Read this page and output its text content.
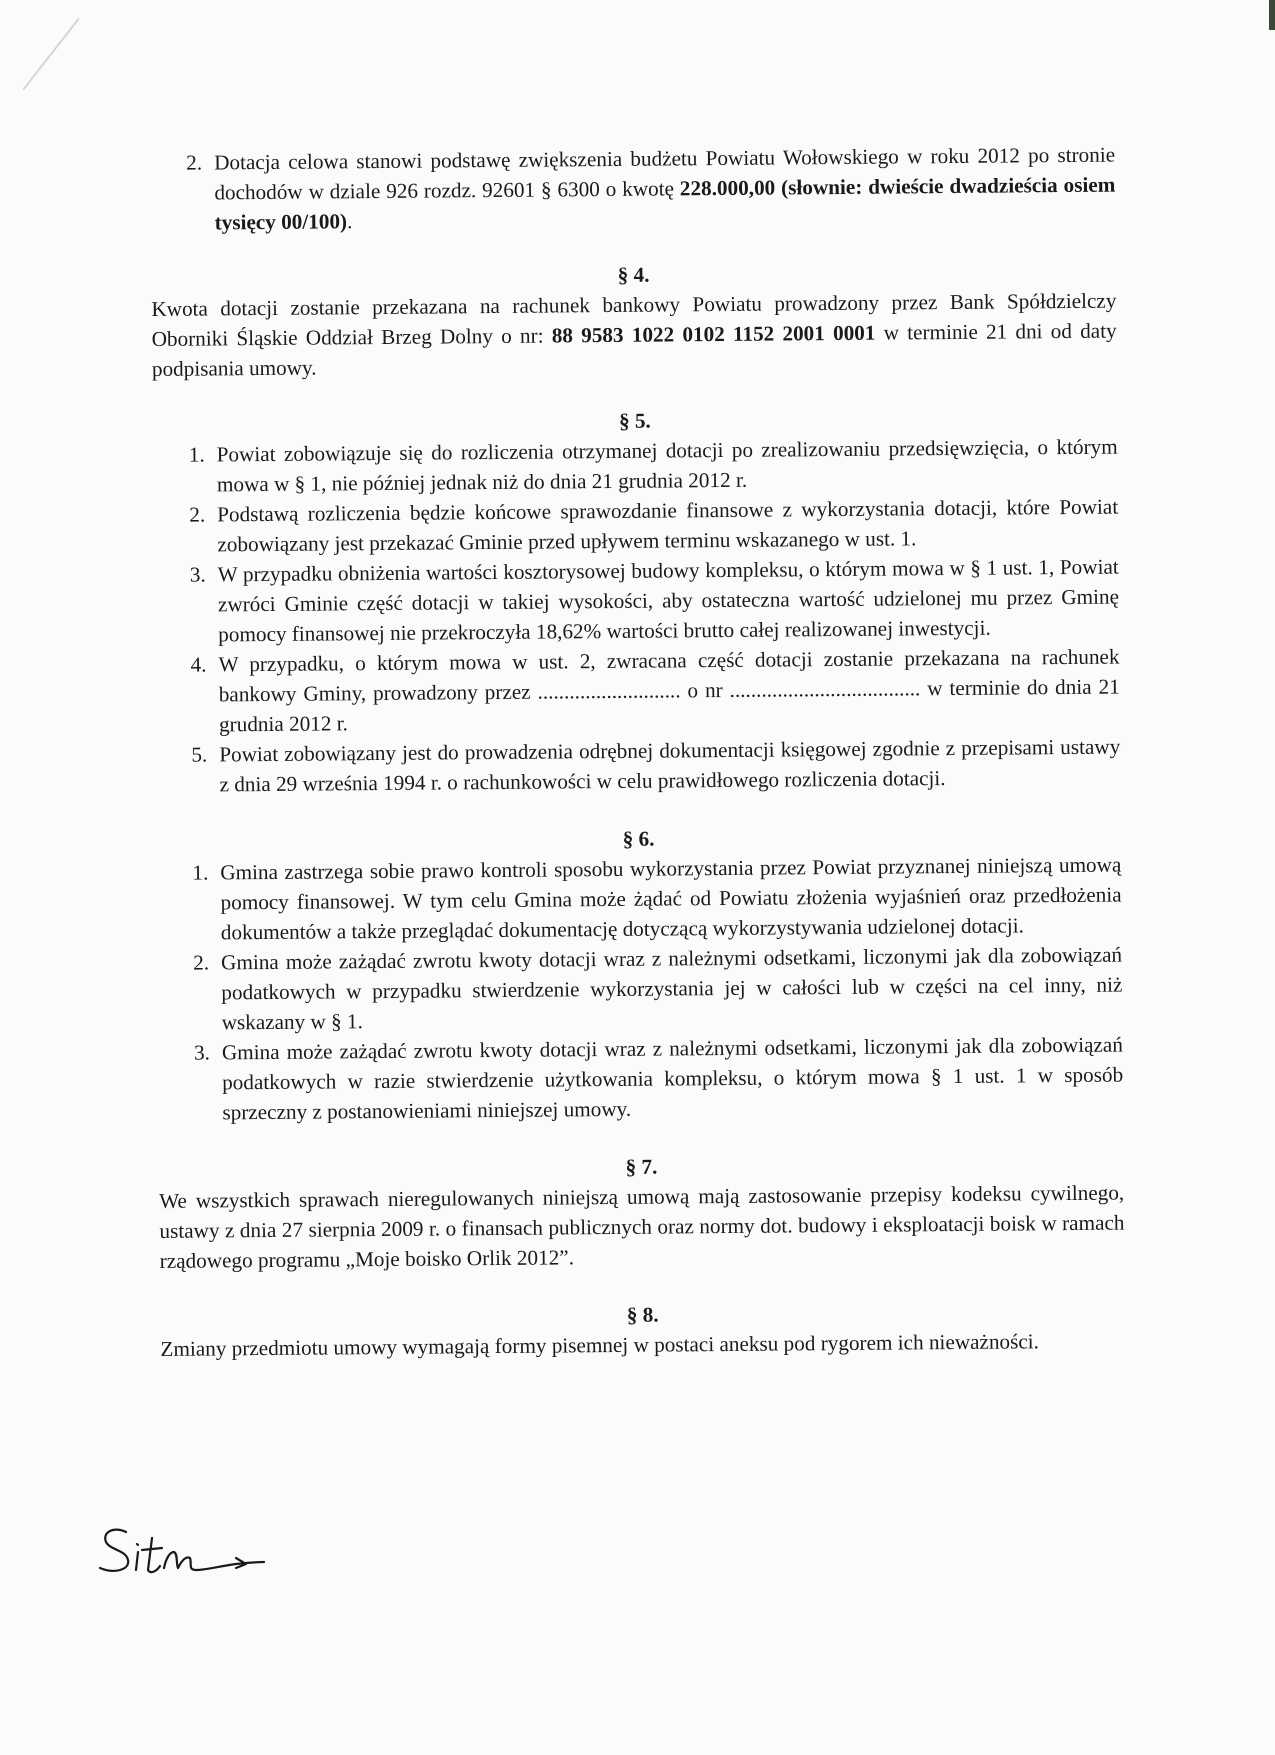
2. Dotacja celowa stanowi podstawę zwiększenia budżetu Powiatu Wołowskiego w roku 2012 po stronie dochodów w dziale 926 rozdz. 92601 § 6300 o kwotę 228.000,00 (słownie: dwieście dwadzieścia osiem tysięcy 00/100).

§ 4.

Kwota dotacji zostanie przekazana na rachunek bankowy Powiatu prowadzony przez Bank Spółdzielczy Oborniki Śląskie Oddział Brzeg Dolny o nr: 88 9583 1022 0102 1152 2001 0001 w terminie 21 dni od daty podpisania umowy.

§ 5.

1. Powiat zobowiązuje się do rozliczenia otrzymanej dotacji po zrealizowaniu przedsięwzięcia, o którym mowa w § 1, nie później jednak niż do dnia 21 grudnia 2012 r.
2. Podstawą rozliczenia będzie końcowe sprawozdanie finansowe z wykorzystania dotacji, które Powiat zobowiązany jest przekazać Gminie przed upływem terminu wskazanego w ust. 1.
3. W przypadku obniżenia wartości kosztorysowej budowy kompleksu, o którym mowa w § 1 ust. 1, Powiat zwróci Gminie część dotacji w takiej wysokości, aby ostateczna wartość udzielonej mu przez Gminę pomocy finansowej nie przekroczyła 18,62% wartości brutto całej realizowanej inwestycji.
4. W przypadku, o którym mowa w ust. 2, zwracana część dotacji zostanie przekazana na rachunek bankowy Gminy, prowadzony przez ........................... o nr .................................... w terminie do dnia 21 grudnia 2012 r.
5. Powiat zobowiązany jest do prowadzenia odrębnej dokumentacji księgowej zgodnie z przepisami ustawy z dnia 29 września 1994 r. o rachunkowości w celu prawidłowego rozliczenia dotacji.

§ 6.

1. Gmina zastrzega sobie prawo kontroli sposobu wykorzystania przez Powiat przyznanej niniejszą umową pomocy finansowej. W tym celu Gmina może żądać od Powiatu złożenia wyjaśnień oraz przedłożenia dokumentów a także przeglądać dokumentację dotyczącą wykorzystywania udzielonej dotacji.
2. Gmina może zażądać zwrotu kwoty dotacji wraz z należnymi odsetkami, liczonymi jak dla zobowiązań podatkowych w przypadku stwierdzenie wykorzystania jej w całości lub w części na cel inny, niż wskazany w § 1.
3. Gmina może zażądać zwrotu kwoty dotacji wraz z należnymi odsetkami, liczonymi jak dla zobowiązań podatkowych w razie stwierdzenie użytkowania kompleksu, o którym mowa § 1 ust. 1 w sposób sprzeczny z postanowieniami niniejszej umowy.

§ 7.

We wszystkich sprawach nieregulowanych niniejszą umową mają zastosowanie przepisy kodeksu cywilnego, ustawy z dnia 27 sierpnia 2009 r. o finansach publicznych oraz normy dot. budowy i eksploatacji boisk w ramach rządowego programu „Moje boisko Orlik 2012”.

§ 8.

Zmiany przedmiotu umowy wymagają formy pisemnej w postaci aneksu pod rygorem ich nieważności.
